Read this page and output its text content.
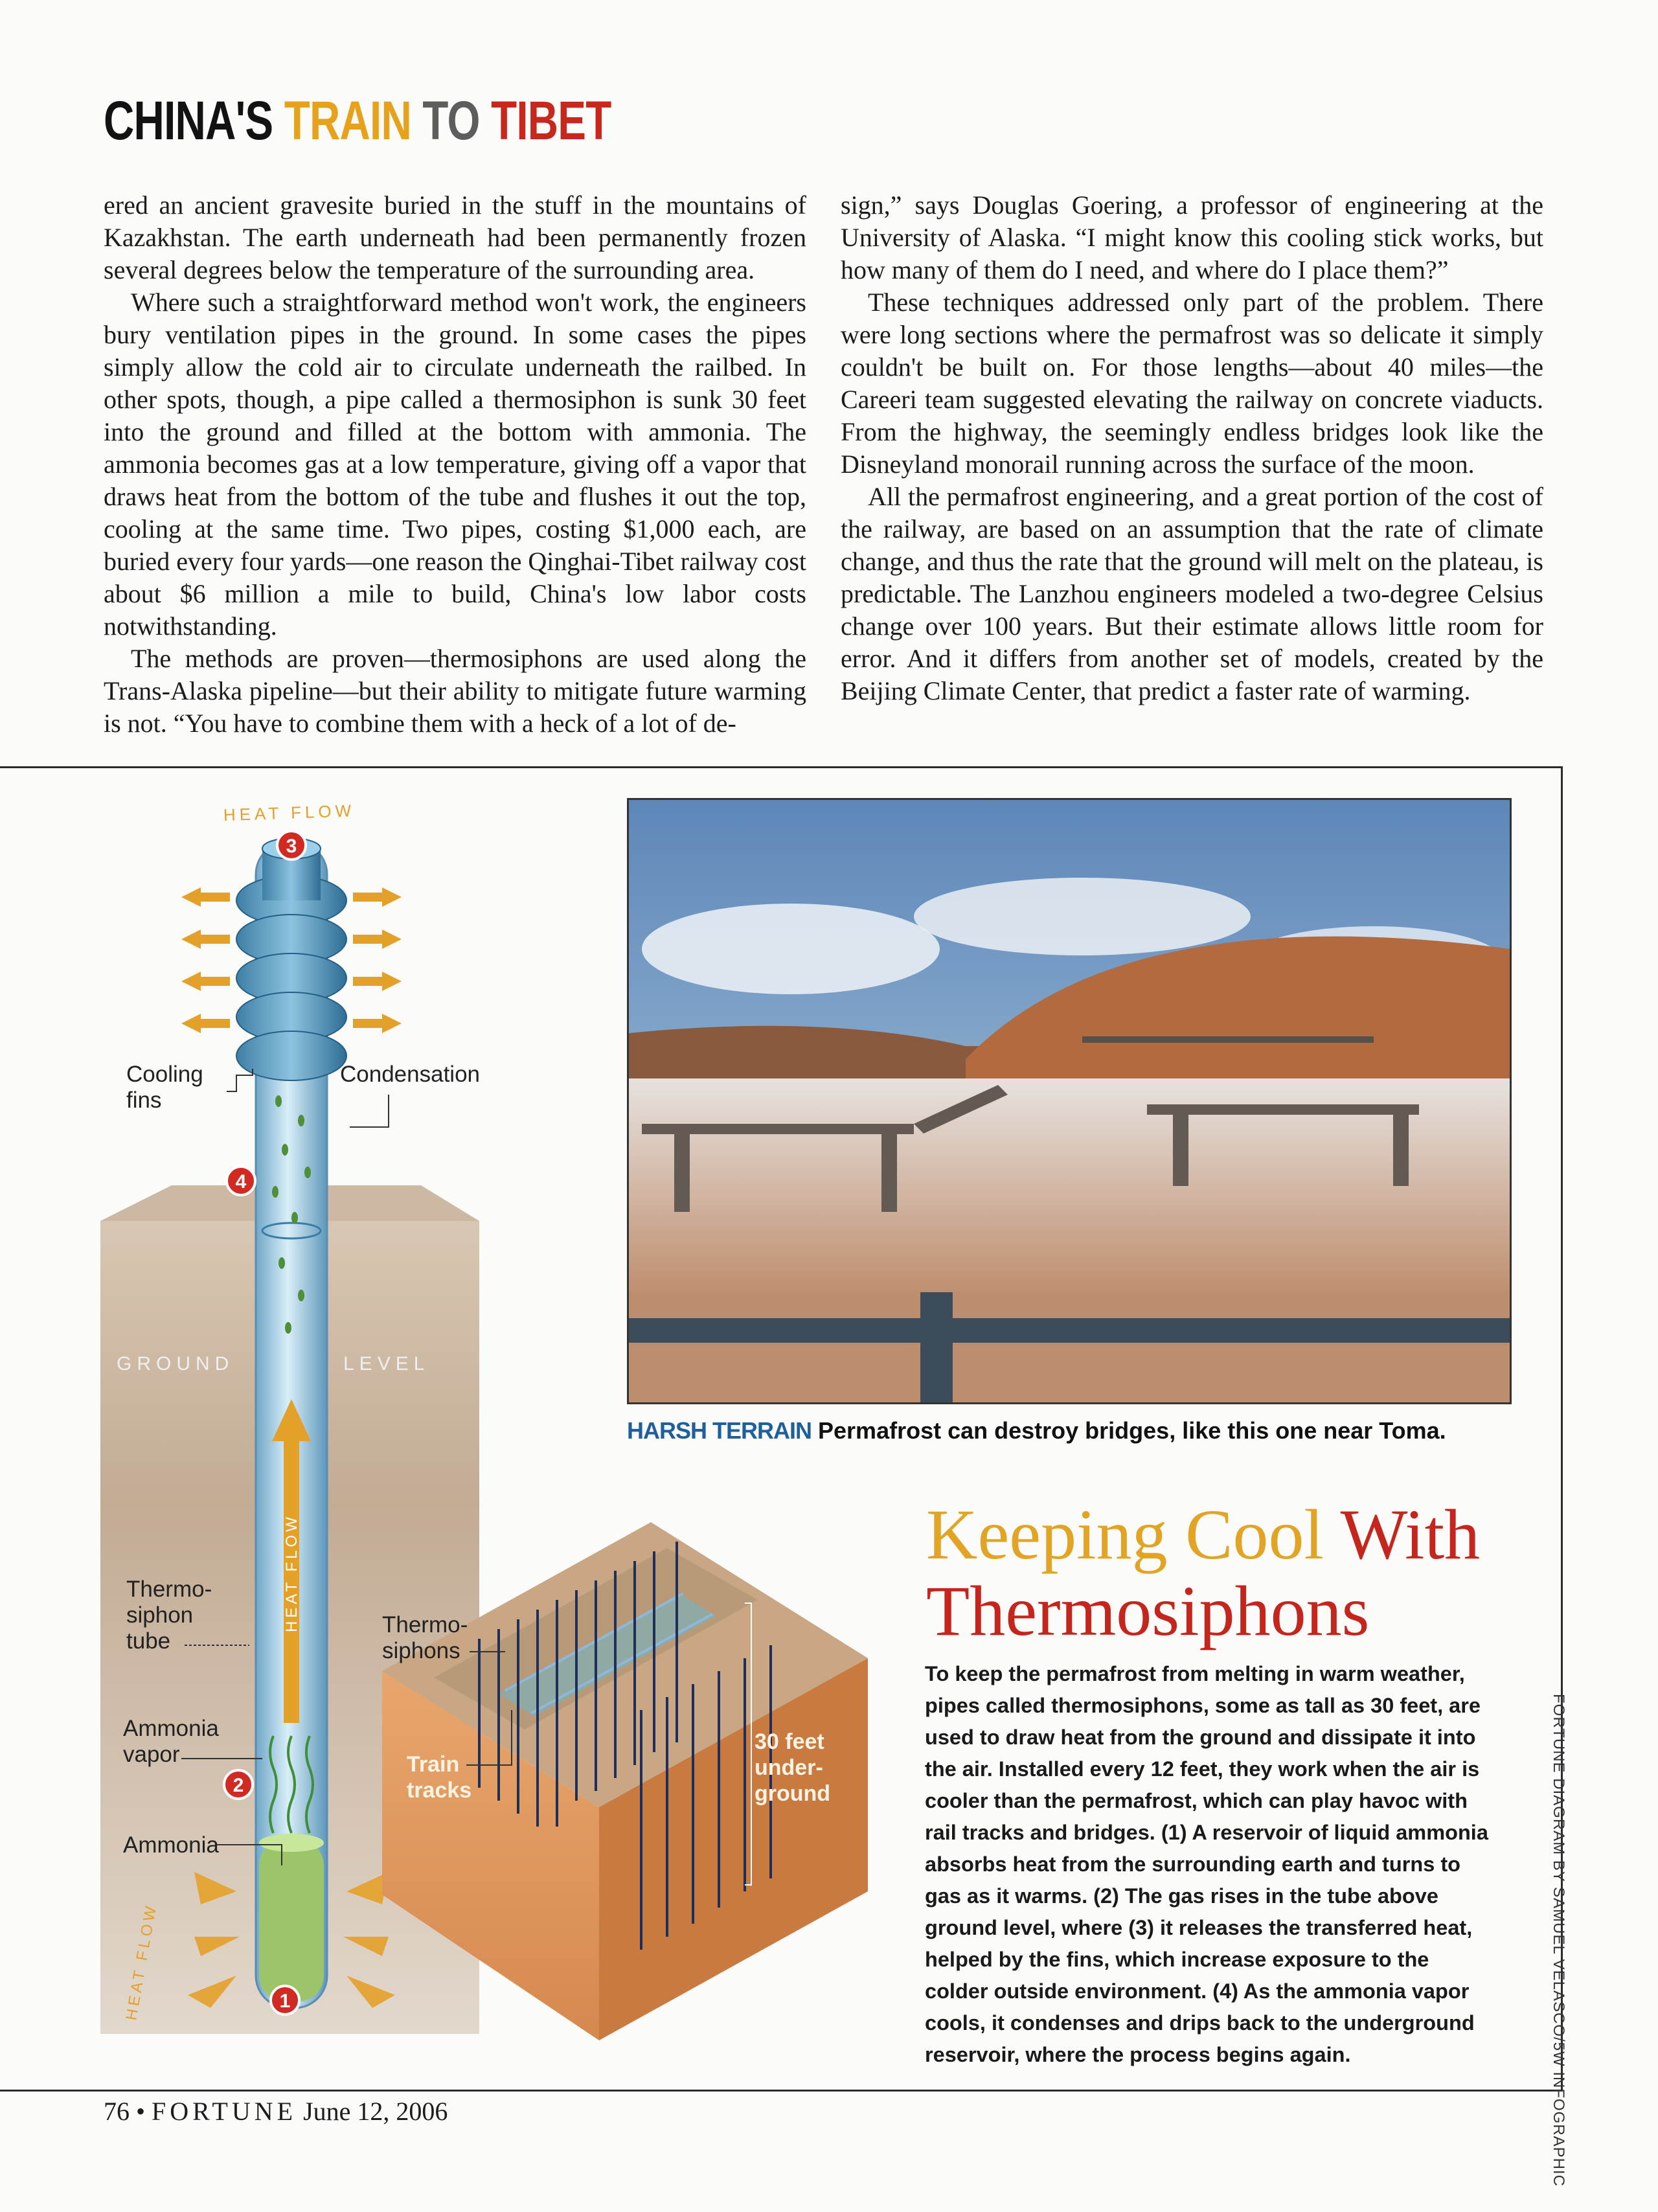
CHINA'S TRAIN TO TIBET

ered an ancient gravesite buried in the stuff in the mountains of Kazakhstan. The earth underneath had been permanently frozen several degrees below the temperature of the surrounding area.

Where such a straightforward method won't work, the engineers bury ventilation pipes in the ground. In some cases the pipes simply allow the cold air to circulate underneath the railbed. In other spots, though, a pipe called a thermosiphon is sunk 30 feet into the ground and filled at the bottom with ammonia. The ammonia becomes gas at a low temperature, giving off a vapor that draws heat from the bottom of the tube and flushes it out the top, cooling at the same time. Two pipes, costing $1,000 each, are buried every four yards—one reason the Qinghai-Tibet railway cost about $6 million a mile to build, China's low labor costs notwithstanding.

The methods are proven—thermosiphons are used along the Trans-Alaska pipeline—but their ability to mitigate future warming is not. “You have to combine them with a heck of a lot of de-

sign,” says Douglas Goering, a professor of engineering at the University of Alaska. “I might know this cooling stick works, but how many of them do I need, and where do I place them?”

These techniques addressed only part of the problem. There were long sections where the permafrost was so delicate it simply couldn't be built on. For those lengths—about 40 miles—the Careeri team suggested elevating the railway on concrete viaducts. From the highway, the seemingly endless bridges look like the Disneyland monorail running across the surface of the moon.

All the permafrost engineering, and a great portion of the cost of the railway, are based on an assumption that the rate of climate change, and thus the rate that the ground will melt on the plateau, is predictable. The Lanzhou engineers modeled a two-degree Celsius change over 100 years. But their estimate allows little room for error. And it differs from another set of models, created by the Beijing Climate Center, that predict a faster rate of warming.

GROUND	LEVEL
HEAT FLOW
HEAT FLOW
HEAT FLOW
3
4
2
1
Cooling
fins
Condensation
Thermo-
siphon
tube
Ammonia
vapor
Ammonia
Thermo-
siphons
Train
tracks
30 feet
under-
ground
HARSH TERRAIN Permafrost can destroy bridges, like this one near Toma.
Keeping Cool With
Thermosiphons
To keep the permafrost from melting in warm weather, pipes called thermosiphons, some as tall as 30 feet, are used to draw heat from the ground and dissipate it into the air. Installed every 12 feet, they work when the air is cooler than the permafrost, which can play havoc with rail tracks and bridges. (1) A reservoir of liquid ammonia absorbs heat from the surrounding earth and turns to gas as it warms. (2) The gas rises in the tube above ground level, where (3) it releases the transferred heat, helped by the fins, which increase exposure to the colder outside environment. (4) As the ammonia vapor cools, it condenses and drips back to the underground reservoir, where the process begins again.	FORTUNE DIAGRAM BY SAMUEL VELASCO/5W INFOGRAPHIC
76 • FORTUNE June 12, 2006
